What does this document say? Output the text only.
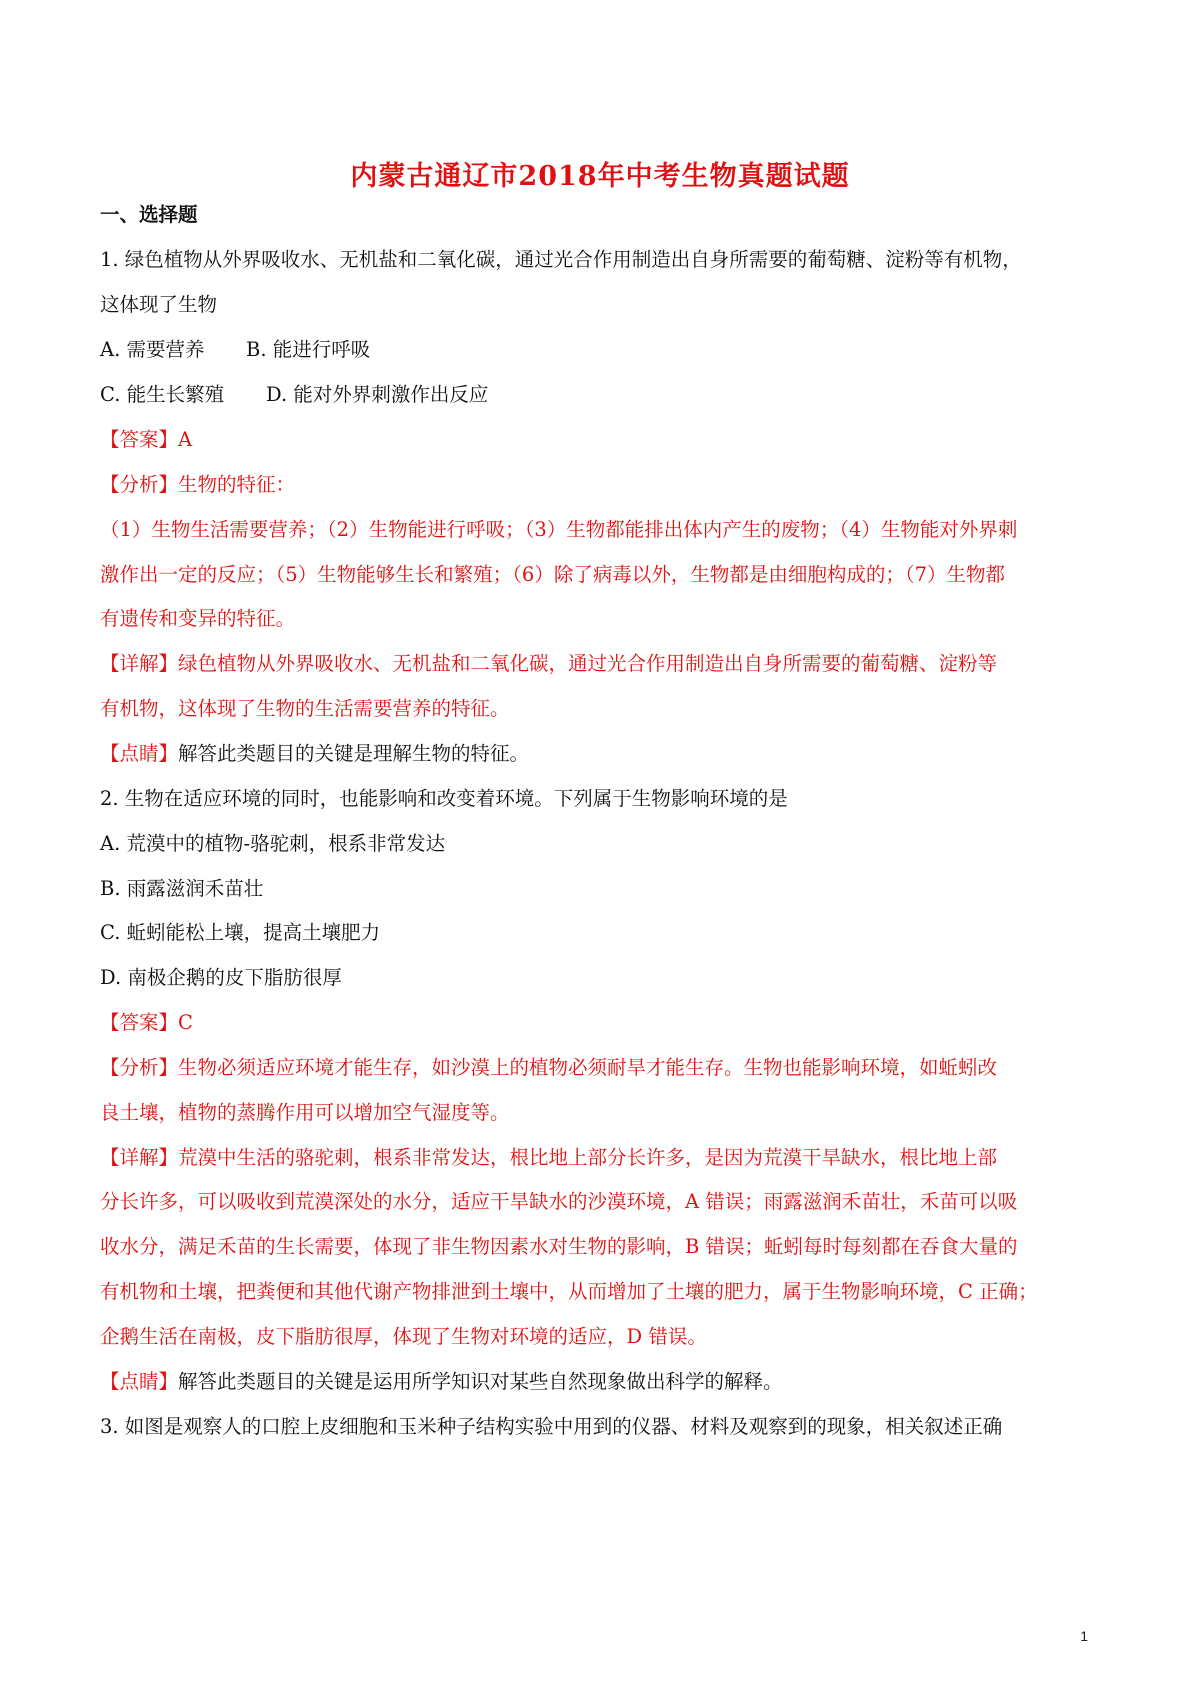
内蒙古通辽市2018年中考生物真题试题
一、选择题
1. 绿色植物从外界吸收水、无机盐和二氧化碳，通过光合作用制造出自身所需要的葡萄糖、淀粉等有机物，
这体现了生物
A. 需要营养 B. 能进行呼吸
C. 能生长繁殖 D. 能对外界刺激作出反应
【答案】A
【分析】生物的特征：
（1）生物生活需要营养；（2）生物能进行呼吸；（3）生物都能排出体内产生的废物；（4）生物能对外界刺
激作出一定的反应；（5）生物能够生长和繁殖；（6）除了病毒以外，生物都是由细胞构成的；（7）生物都
有遗传和变异的特征。
【详解】绿色植物从外界吸收水、无机盐和二氧化碳，通过光合作用制造出自身所需要的葡萄糖、淀粉等
有机物，这体现了生物的生活需要营养的特征。
【点睛】解答此类题目的关键是理解生物的特征。
2. 生物在适应环境的同时，也能影响和改变着环境。下列属于生物影响环境的是
A. 荒漠中的植物-骆驼刺，根系非常发达
B. 雨露滋润禾苗壮
C. 蚯蚓能松上壤，提高土壤肥力
D. 南极企鹅的皮下脂肪很厚
【答案】C
【分析】生物必须适应环境才能生存，如沙漠上的植物必须耐旱才能生存。生物也能影响环境，如蚯蚓改
良土壤，植物的蒸腾作用可以增加空气湿度等。
【详解】荒漠中生活的骆驼刺，根系非常发达，根比地上部分长许多，是因为荒漠干旱缺水，根比地上部
分长许多，可以吸收到荒漠深处的水分，适应干旱缺水的沙漠环境，A 错误；雨露滋润禾苗壮，禾苗可以吸
收水分，满足禾苗的生长需要，体现了非生物因素水对生物的影响，B 错误；蚯蚓每时每刻都在吞食大量的
有机物和土壤，把粪便和其他代谢产物排泄到土壤中，从而增加了土壤的肥力，属于生物影响环境，C 正确；
企鹅生活在南极，皮下脂肪很厚，体现了生物对环境的适应，D 错误。
【点睛】解答此类题目的关键是运用所学知识对某些自然现象做出科学的解释。
3. 如图是观察人的口腔上皮细胞和玉米种子结构实验中用到的仪器、材料及观察到的现象，相关叙述正确
1
